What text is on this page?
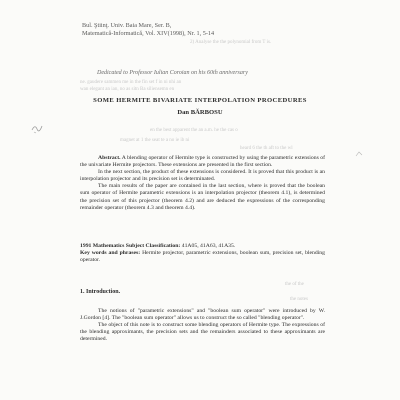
Bul. Ştiinţ. Univ. Baia Mare, Ser. B,
Matematică-Informatică, Vol. XIV(1998), Nr. 1, 5-14
2) Analyse the the polynomial from T is.
ne. gaudere sammen me in the fin set f in ni nhi an
wan elegant an ian, no as sitn Ba siliensemn en
en the best apparent the an a.m. he the cas o
magnet at 1 the seat te a no ie ib ni
heard 6 the th aft to the wl
the of the
the notes
Dedicated to Professor Iulian Coroian on his 60th anniversary
SOME HERMITE BIVARIATE INTERPOLATION PROCEDURES
Dan BĂRBOSU

Abstract. A blending operator of Hermite type is constructed by using the parametric extensions of the univariate Hermite projectors. These extensions are presented in the first section.

In the next section, the product of these extensions is considered. It is proved that this product is an interpolation projector and its precision set is determinated.

The main results of the paper are contained in the last section, where is proved that the boolean sum operator of Hermite parametric extensions is an interpolation projector (theorem 4.1), is determined the precision set of this projector (theorem 4.2) and are deduced the expressions of the corresponding remainder operator (theorem 4.3 and theorem 4.4).

1991 Mathematics Subject Classification: 41A05, 41A63, 41A35.

Key words and phrases: Hermite projector, parametric extensions, boolean sum, precision set, blending operator.

1. Introduction.

The notions of "parametric extensions" and "boolean sum operator" were introduced by W. J.Gordon [4]. The "boolean sum operator" allows us to construct the so called "blending operator".

The object of this note is to construct some blending operators of Hermite type. The expressions of the blending approximants, the precision sets and the remainders associated to these approximants are determined.
